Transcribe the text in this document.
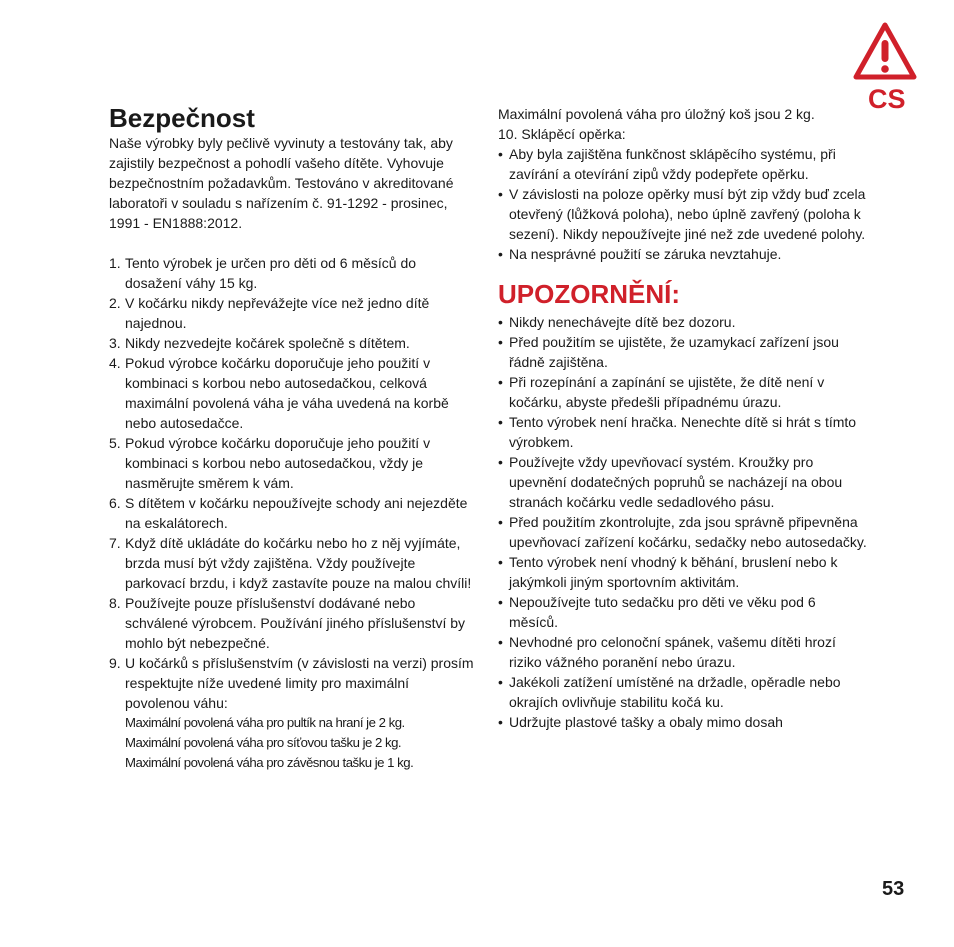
CS
Bezpečnost

Naše výrobky byly pečlivě vyvinuty a testovány tak, aby zajistily bezpečnost a pohodlí vašeho dítěte. Vyhovuje bezpečnostním požadavkům. Testováno v akreditované laboratoři v souladu s nařízením č. 91-1292 - prosinec, 1991 - EN1888:2012.

1. Tento výrobek je určen pro děti od 6 měsíců do dosažení váhy 15 kg.
2. V kočárku nikdy nepřevážejte více než jedno dítě najednou.
3. Nikdy nezvedejte kočárek společně s dítětem.
4. Pokud výrobce kočárku doporučuje jeho použití v kombinaci s korbou nebo autosedačkou, celková maximální povolená váha je váha uvedená na korbě nebo autosedačce.
5. Pokud výrobce kočárku doporučuje jeho použití v kombinaci s korbou nebo autosedačkou, vždy je nasměrujte směrem k vám.
6. S dítětem v kočárku nepoužívejte schody ani nejezděte na eskalátorech.
7. Když dítě ukládáte do kočárku nebo ho z něj vyjímáte, brzda musí být vždy zajištěna. Vždy používejte parkovací brzdu, i když zastavíte pouze na malou chvíli!
8. Používejte pouze příslušenství dodávané nebo schválené výrobcem. Používání jiného příslušenství by mohlo být nebezpečné.
9. U kočárků s příslušenstvím (v závislosti na verzi) prosím respektujte níže uvedené limity pro maximální povolenou váhu:
Maximální povolená váha pro pultík na hraní je 2 kg.
Maximální povolená váha pro síťovou tašku je 2 kg.
Maximální povolená váha pro závěsnou tašku je 1 kg.

Maximální povolená váha pro úložný koš jsou 2 kg.

10. Sklápěcí opěrka:

• Aby byla zajištěna funkčnost sklápěcího systému, při zavírání a otevírání zipů vždy podepřete opěrku.
• V závislosti na poloze opěrky musí být zip vždy buď zcela otevřený (lůžková poloha), nebo úplně zavřený (poloha k sezení). Nikdy nepoužívejte jiné než zde uvedené polohy.
• Na nesprávné použití se záruka nevztahuje.
UPOZORNĚNÍ:
• Nikdy nenechávejte dítě bez dozoru.
• Před použitím se ujistěte, že uzamykací zařízení jsou řádně zajištěna.
• Při rozepínání a zapínání se ujistěte, že dítě není v kočárku, abyste předešli případnému úrazu.
• Tento výrobek není hračka. Nenechte dítě si hrát s tímto výrobkem.
• Používejte vždy upevňovací systém. Kroužky pro upevnění dodatečných popruhů se nacházejí na obou stranách kočárku vedle sedadlového pásu.
• Před použitím zkontrolujte, zda jsou správně připevněna upevňovací zařízení kočárku, sedačky nebo autosedačky.
• Tento výrobek není vhodný k běhání, bruslení nebo k jakýmkoli jiným sportovním aktivitám.
• Nepoužívejte tuto sedačku pro děti ve věku pod 6 měsíců.
• Nevhodné pro celonoční spánek, vašemu dítěti hrozí riziko vážného poranění nebo úrazu.
• Jakékoli zatížení umístěné na držadle, opěradle nebo okrajích ovlivňuje stabilitu kočá ku.
• Udržujte plastové tašky a obaly mimo dosah
53
